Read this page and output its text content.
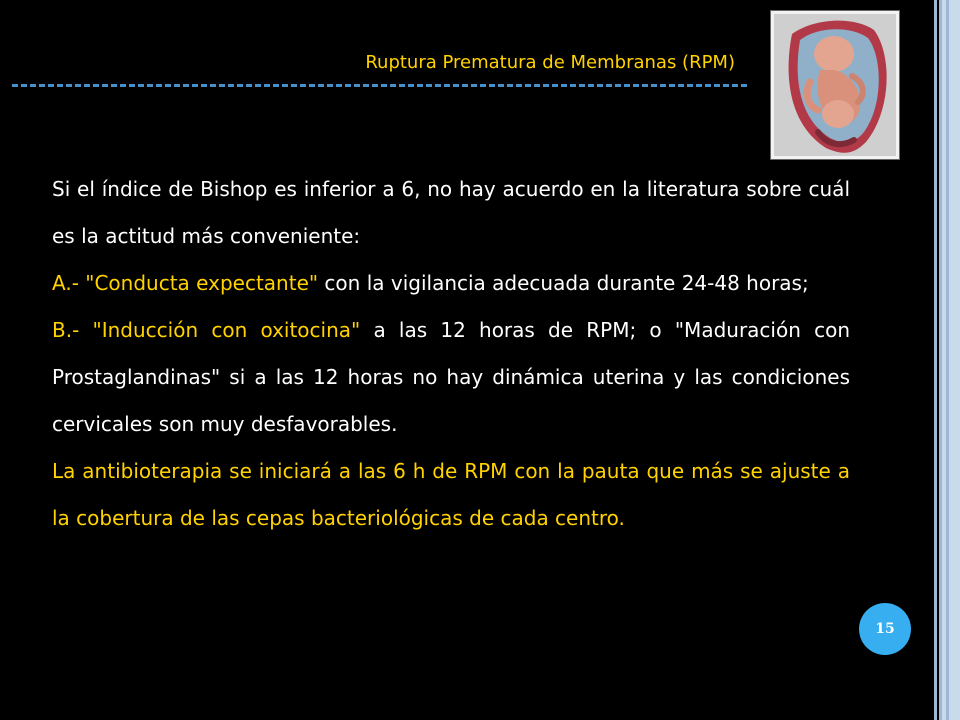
Ruptura Prematura de Membranas (RPM)

Si el índice de Bishop es inferior a 6, no hay acuerdo en la literatura sobre cuál es la actitud más conveniente:

A.- "Conducta expectante" con la vigilancia adecuada durante 24-48 horas;

B.- "Inducción con oxitocina" a las 12 horas de RPM; o "Maduración con Prostaglandinas" si a las 12 horas no hay dinámica uterina y las condiciones cervicales son muy desfavorables.

La antibioterapia se iniciará a las 6 h de RPM con la pauta que más se ajuste a la cobertura de las cepas bacteriológicas de cada centro.

15
